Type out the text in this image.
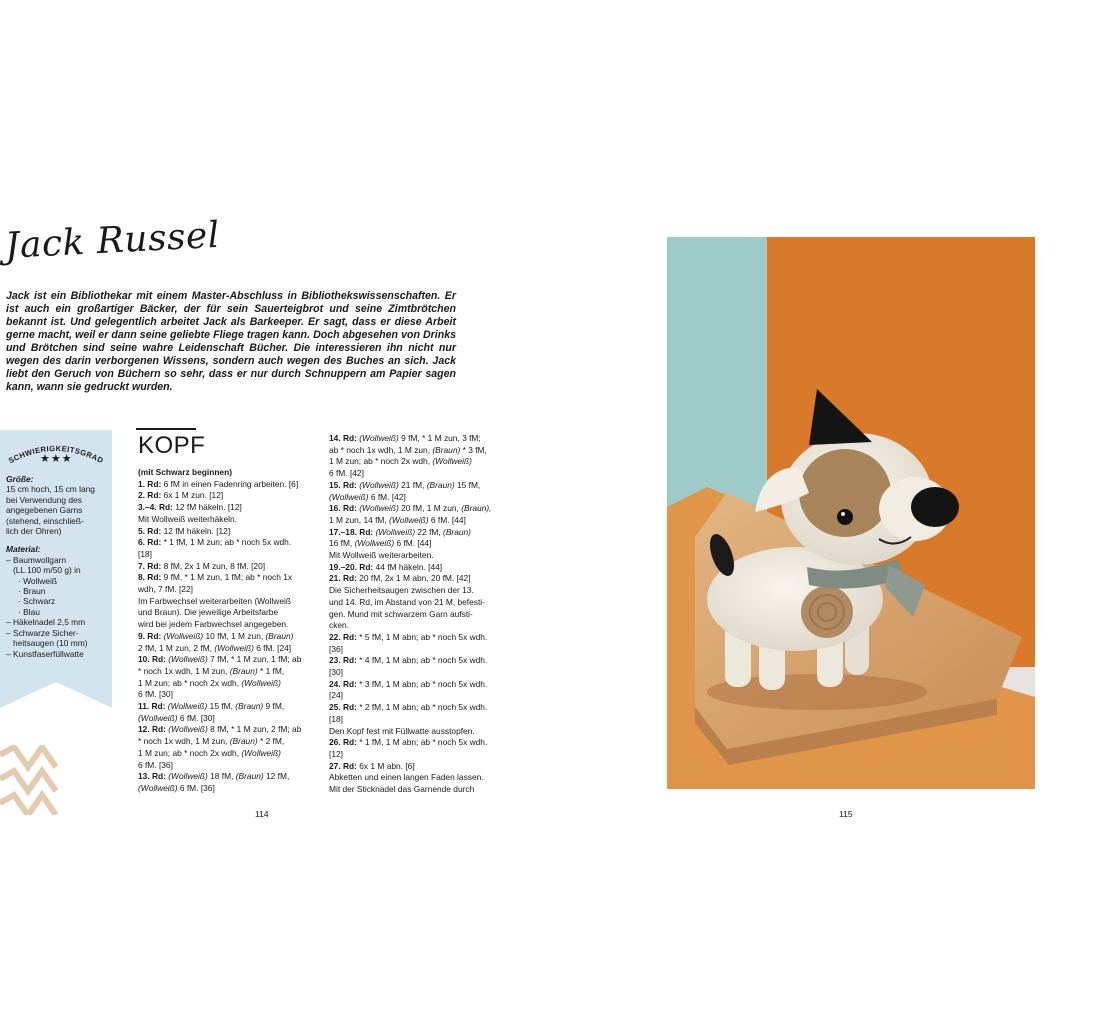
Jack Russel
Jack ist ein Bibliothekar mit einem Master-Abschluss in Bibliothekswissenschaften. Er ist auch ein großartiger Bäcker, der für sein Sauerteigbrot und seine Zimtbrötchen bekannt ist. Und gelegentlich arbeitet Jack als Barkeeper. Er sagt, dass er diese Arbeit gerne macht, weil er dann seine geliebte Fliege tragen kann. Doch abgesehen von Drinks und Brötchen sind seine wahre Leidenschaft Bücher. Die interessieren ihn nicht nur wegen des darin verborgenen Wissens, sondern auch wegen des Buches an sich. Jack liebt den Geruch von Büchern so sehr, dass er nur durch Schnuppern am Papier sagen kann, wann sie gedruckt wurden.
SCHWIERIGKEITSGRAD
★★★
Größe:
15 cm hoch, 15 cm lang
bei Verwendung des
angegebenen Garns
(stehend, einschließ-
lich der Ohren)
Material:
– Baumwollgarn
(LL 100 m/50 g) in
· Wollweiß
· Braun
· Schwarz
· Blau
– Häkelnadel 2,5 mm
– Schwarze Sicher-
heitsaugen (10 mm)
– Kunstfaserfüllwatte
KOPF
(mit Schwarz beginnen)
1. Rd: 6 fM in einen Fadenring arbeiten. [6]
2. Rd: 6x 1 M zun. [12]
3.–4. Rd: 12 fM häkeln. [12]
Mit Wollweiß weiterhäkeln.
5. Rd: 12 fM häkeln. [12]
6. Rd: * 1 fM, 1 M zun; ab * noch 5x wdh.
[18]
7. Rd: 8 fM, 2x 1 M zun, 8 fM. [20]
8. Rd: 9 fM, * 1 M zun, 1 fM; ab * noch 1x
wdh, 7 fM. [22]
Im Farbwechsel weiterarbeiten (Wollweiß
und Braun). Die jeweilige Arbeitsfarbe
wird bei jedem Farbwechsel angegeben.
9. Rd: (Wollweiß) 10 fM, 1 M zun, (Braun)
2 fM, 1 M zun, 2 fM, (Wollweiß) 6 fM. [24]
10. Rd: (Wollweiß) 7 fM, * 1 M zun, 1 fM; ab
* noch 1x wdh, 1 M zun, (Braun) * 1 fM,
1 M zun; ab * noch 2x wdh, (Wollweiß)
6 fM. [30]
11. Rd: (Wollweiß) 15 fM, (Braun) 9 fM,
(Wollweiß) 6 fM. [30]
12. Rd: (Wollweiß) 8 fM, * 1 M zun, 2 fM; ab
* noch 1x wdh, 1 M zun, (Braun) * 2 fM,
1 M zun; ab * noch 2x wdh, (Wollweiß)
6 fM. [36]
13. Rd: (Wollweiß) 18 fM, (Braun) 12 fM,
(Wollweiß) 6 fM. [36]
14. Rd: (Wollweiß) 9 fM, * 1 M zun, 3 fM;
ab * noch 1x wdh, 1 M zun, (Braun) * 3 fM,
1 M zun; ab * noch 2x wdh, (Wollweiß)
6 fM. [42]
15. Rd: (Wollweiß) 21 fM, (Braun) 15 fM,
(Wollweiß) 6 fM. [42]
16. Rd: (Wollweiß) 20 fM, 1 M zun, (Braun),
1 M zun, 14 fM, (Wollweiß) 6 fM. [44]
17.–18. Rd: (Wollweiß) 22 fM, (Braun)
16 fM, (Wollweiß) 6 fM. [44]
Mit Wollweiß weiterarbeiten.
19.–20. Rd: 44 fM häkeln. [44]
21. Rd: 20 fM, 2x 1 M abn, 20 fM. [42]
Die Sicherheitsaugen zwischen der 13.
und 14. Rd, im Abstand von 21 M, befesti-
gen. Mund mit schwarzem Garn aufsti-
cken.
22. Rd: * 5 fM, 1 M abn; ab * noch 5x wdh.
[36]
23. Rd: * 4 fM, 1 M abn; ab * noch 5x wdh.
[30]
24. Rd: * 3 fM, 1 M abn; ab * noch 5x wdh.
[24]
25. Rd: * 2 fM, 1 M abn; ab * noch 5x wdh.
[18]
Den Kopf fest mit Füllwatte ausstopfen.
26. Rd: * 1 fM, 1 M abn; ab * noch 5x wdh.
[12]
27. Rd: 6x 1 M abn. [6]
Abketten und einen langen Faden lassen.
Mit der Sticknadel das Garnende durch
114	115
